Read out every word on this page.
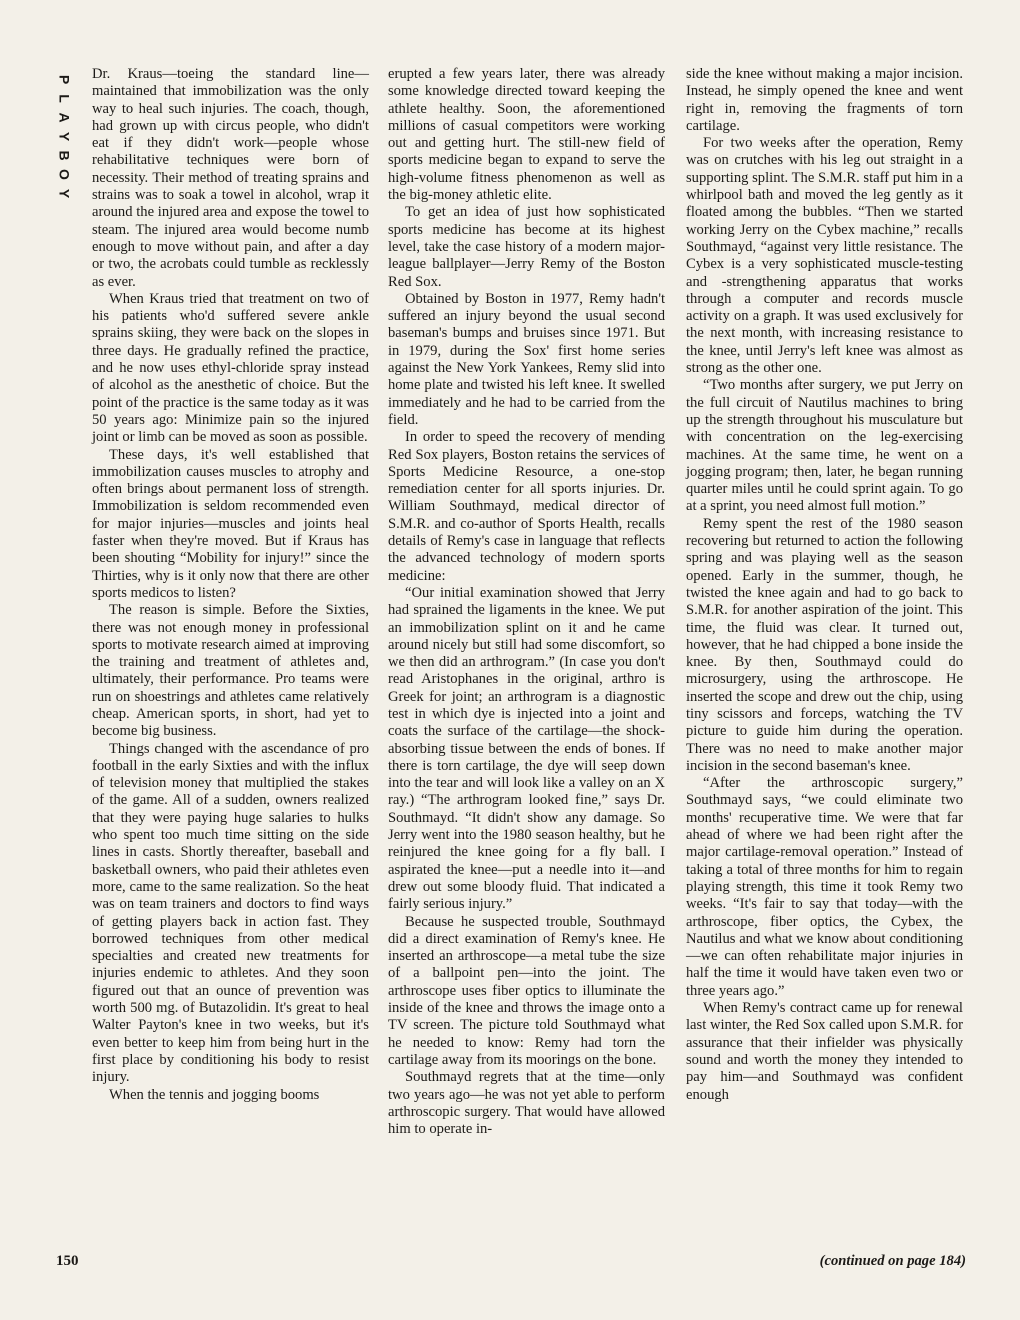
P
L
A
Y
B
O
Y

Dr. Kraus—toeing the standard line—maintained that immobilization was the only way to heal such injuries. The coach, though, had grown up with circus people, who didn't eat if they didn't work—people whose rehabilitative techniques were born of necessity. Their method of treating sprains and strains was to soak a towel in alcohol, wrap it around the injured area and expose the towel to steam. The injured area would become numb enough to move without pain, and after a day or two, the acrobats could tumble as recklessly as ever.

When Kraus tried that treatment on two of his patients who'd suffered severe ankle sprains skiing, they were back on the slopes in three days. He gradually refined the practice, and he now uses ethyl-chloride spray instead of alcohol as the anesthetic of choice. But the point of the practice is the same today as it was 50 years ago: Minimize pain so the injured joint or limb can be moved as soon as possible.

These days, it's well established that immobilization causes muscles to atrophy and often brings about permanent loss of strength. Immobilization is seldom recommended even for major injuries—muscles and joints heal faster when they're moved. But if Kraus has been shouting “Mobility for injury!” since the Thirties, why is it only now that there are other sports medicos to listen?

The reason is simple. Before the Sixties, there was not enough money in professional sports to motivate research aimed at improving the training and treatment of athletes and, ultimately, their performance. Pro teams were run on shoestrings and athletes came relatively cheap. American sports, in short, had yet to become big business.

Things changed with the ascendance of pro football in the early Sixties and with the influx of television money that multiplied the stakes of the game. All of a sudden, owners realized that they were paying huge salaries to hulks who spent too much time sitting on the side lines in casts. Shortly thereafter, baseball and basketball owners, who paid their athletes even more, came to the same realization. So the heat was on team trainers and doctors to find ways of getting players back in action fast. They borrowed techniques from other medical specialties and created new treatments for injuries endemic to athletes. And they soon figured out that an ounce of prevention was worth 500 mg. of Butazolidin. It's great to heal Walter Payton's knee in two weeks, but it's even better to keep him from being hurt in the first place by conditioning his body to resist injury.

When the tennis and jogging booms

erupted a few years later, there was already some knowledge directed toward keeping the athlete healthy. Soon, the aforementioned millions of casual competitors were working out and getting hurt. The still-new field of sports medicine began to expand to serve the high-volume fitness phenomenon as well as the big-money athletic elite.

To get an idea of just how sophisticated sports medicine has become at its highest level, take the case history of a modern major-league ballplayer—Jerry Remy of the Boston Red Sox.

Obtained by Boston in 1977, Remy hadn't suffered an injury beyond the usual second baseman's bumps and bruises since 1971. But in 1979, during the Sox' first home series against the New York Yankees, Remy slid into home plate and twisted his left knee. It swelled immediately and he had to be carried from the field.

In order to speed the recovery of mending Red Sox players, Boston retains the services of Sports Medicine Resource, a one-stop remediation center for all sports injuries. Dr. William Southmayd, medical director of S.M.R. and co-author of Sports Health, recalls details of Remy's case in language that reflects the advanced technology of modern sports medicine:

“Our initial examination showed that Jerry had sprained the ligaments in the knee. We put an immobilization splint on it and he came around nicely but still had some discomfort, so we then did an arthrogram.” (In case you don't read Aristophanes in the original, arthro is Greek for joint; an arthrogram is a diagnostic test in which dye is injected into a joint and coats the surface of the cartilage—the shock-absorbing tissue between the ends of bones. If there is torn cartilage, the dye will seep down into the tear and will look like a valley on an X ray.) “The arthrogram looked fine,” says Dr. Southmayd. “It didn't show any damage. So Jerry went into the 1980 season healthy, but he reinjured the knee going for a fly ball. I aspirated the knee—put a needle into it—and drew out some bloody fluid. That indicated a fairly serious injury.”

Because he suspected trouble, Southmayd did a direct examination of Remy's knee. He inserted an arthroscope—a metal tube the size of a ballpoint pen—into the joint. The arthroscope uses fiber optics to illuminate the inside of the knee and throws the image onto a TV screen. The picture told Southmayd what he needed to know: Remy had torn the cartilage away from its moorings on the bone.

Southmayd regrets that at the time—only two years ago—he was not yet able to perform arthroscopic surgery. That would have allowed him to operate in-

side the knee without making a major incision. Instead, he simply opened the knee and went right in, removing the fragments of torn cartilage.

For two weeks after the operation, Remy was on crutches with his leg out straight in a supporting splint. The S.M.R. staff put him in a whirlpool bath and moved the leg gently as it floated among the bubbles. “Then we started working Jerry on the Cybex machine,” recalls Southmayd, “against very little resistance. The Cybex is a very sophisticated muscle-testing and -strengthening apparatus that works through a computer and records muscle activity on a graph. It was used exclusively for the next month, with increasing resistance to the knee, until Jerry's left knee was almost as strong as the other one.

“Two months after surgery, we put Jerry on the full circuit of Nautilus machines to bring up the strength throughout his musculature but with concentration on the leg-exercising machines. At the same time, he went on a jogging program; then, later, he began running quarter miles until he could sprint again. To go at a sprint, you need almost full motion.”

Remy spent the rest of the 1980 season recovering but returned to action the following spring and was playing well as the season opened. Early in the summer, though, he twisted the knee again and had to go back to S.M.R. for another aspiration of the joint. This time, the fluid was clear. It turned out, however, that he had chipped a bone inside the knee. By then, Southmayd could do microsurgery, using the arthroscope. He inserted the scope and drew out the chip, using tiny scissors and forceps, watching the TV picture to guide him during the operation. There was no need to make another major incision in the second baseman's knee.

“After the arthroscopic surgery,” Southmayd says, “we could eliminate two months' recuperative time. We were that far ahead of where we had been right after the major cartilage-removal operation.” Instead of taking a total of three months for him to regain playing strength, this time it took Remy two weeks. “It's fair to say that today—with the arthroscope, fiber optics, the Cybex, the Nautilus and what we know about conditioning—we can often rehabilitate major injuries in half the time it would have taken even two or three years ago.”

When Remy's contract came up for renewal last winter, the Red Sox called upon S.M.R. for assurance that their infielder was physically sound and worth the money they intended to pay him—and Southmayd was confident enough

150
(	continued on page 184 )
